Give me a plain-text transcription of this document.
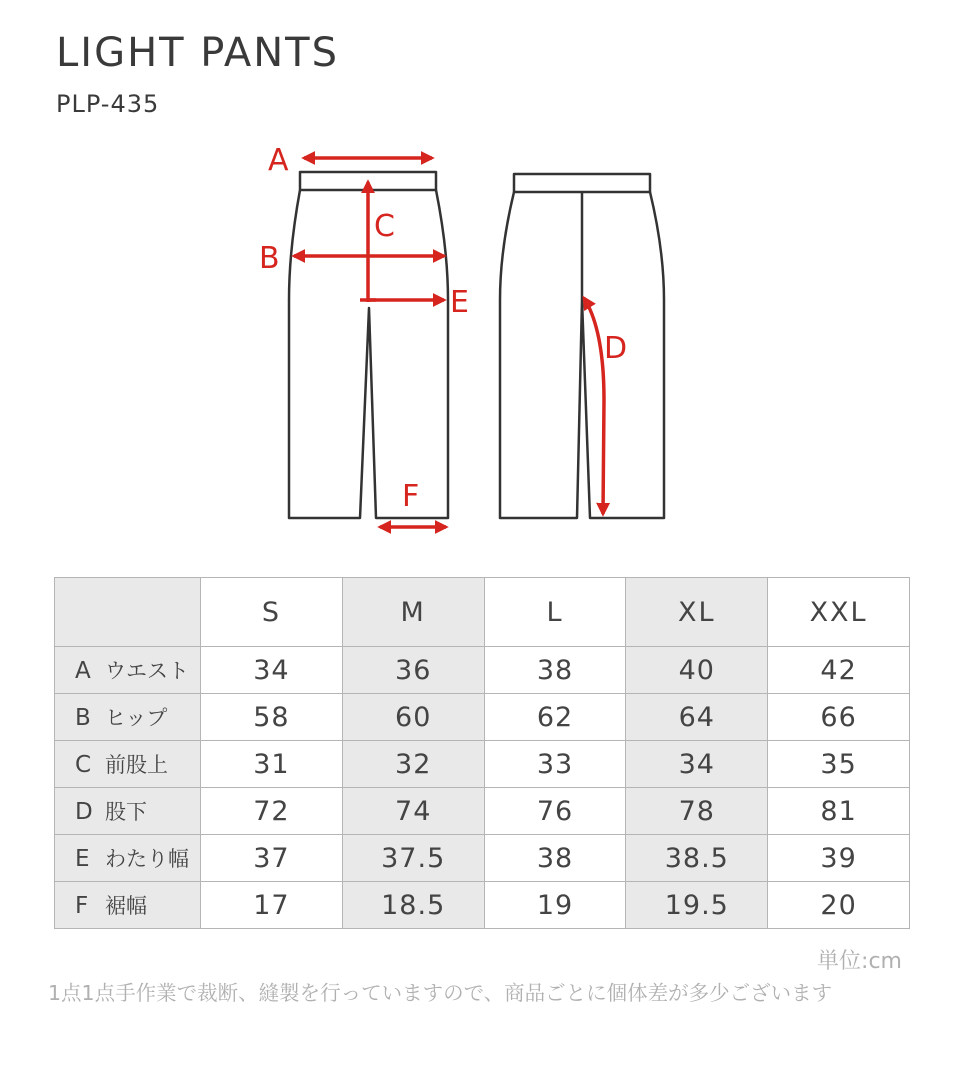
LIGHT PANTS
PLP-435
A
C
B
E
D
F
	S	M	L	XL	XXL
A ウエスト	34	36	38	40	42
B ヒップ	58	60	62	64	66
C 前股上	31	32	33	34	35
D 股下	72	74	76	78	81
E わたり幅	37	37.5	38	38.5	39
F 裾幅	17	18.5	19	19.5	20
単位:cm
1点1点手作業で裁断、縫製を行っていますので、商品ごとに個体差が多少ございます
